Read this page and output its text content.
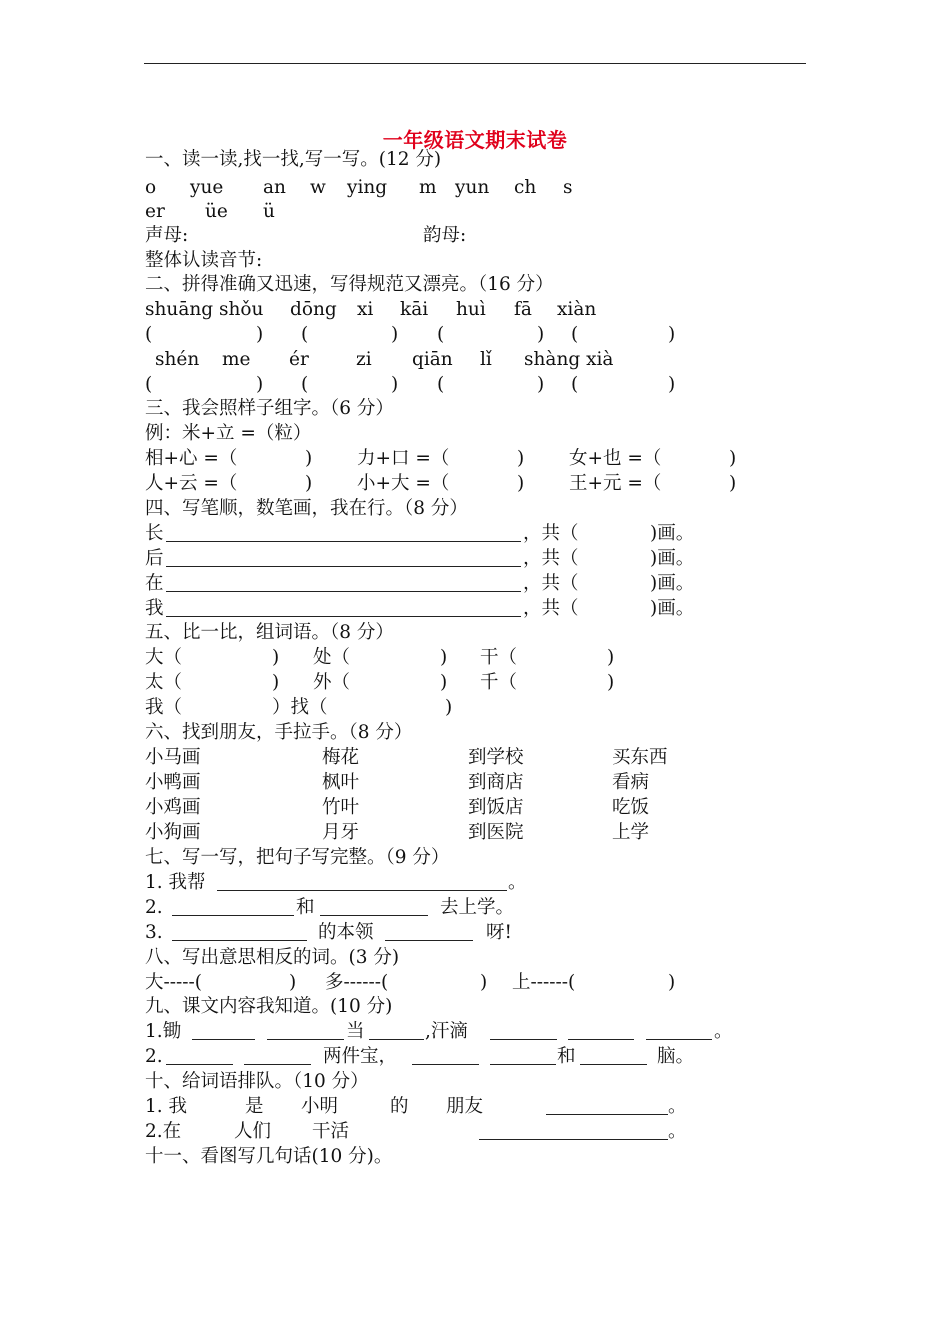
一年级语文期末试卷
一、读一读,找一找,写一写。(12 分)
o yue an w ying m yun ch s
er üe ü
声母:	韵母:
整体认读音节:
二、拼得准确又迅速，写得规范又漂亮。（16 分）
shuāng shǒu dōng xi kāi huì fā xiàn
(	) (	) (	) (	)
shén me ér	zi qiān lǐ shàng xià
(	) (	) (	) (	)
三、我会照样子组字。（6 分）
例：米+立 =（粒）
相+心 =（	) 力+口 =（	) 女+也 =（	)
人+云 =（	) 小+大 =（	) 王+元 =（	)
四、写笔顺，数笔画，我在行。（8 分）
长	，共（	)画。
后	，共（	)画。
在	，共（	)画。
我	，共（	)画。
五、比一比，组词语。（8 分）
大（	) 处（	) 干（	)
太（	) 外（	) 千（	)
我（	）找（	)
六、找到朋友，手拉手。（8 分）
小马画	梅花	到学校	买东西
小鸭画	枫叶	到商店	看病
小鸡画	竹叶	到饭店	吃饭
小狗画	月牙	到医院	上学
七、写一写，把句子写完整。（9 分）
1. 我帮	。
2.	和	去上学。
3.	的本领	呀!
八、写出意思相反的词。(3 分)
大-----(	) 多------(	) 上------(	)
九、课文内容我知道。(10 分)
1.锄	当	,汗滴	。
2.	两件宝，	和	脑。
十、给词语排队。（10 分）
1. 我	是 小明	的 朋友	。
2.在	人们 干活	。
十一、看图写几句话(10 分)。
